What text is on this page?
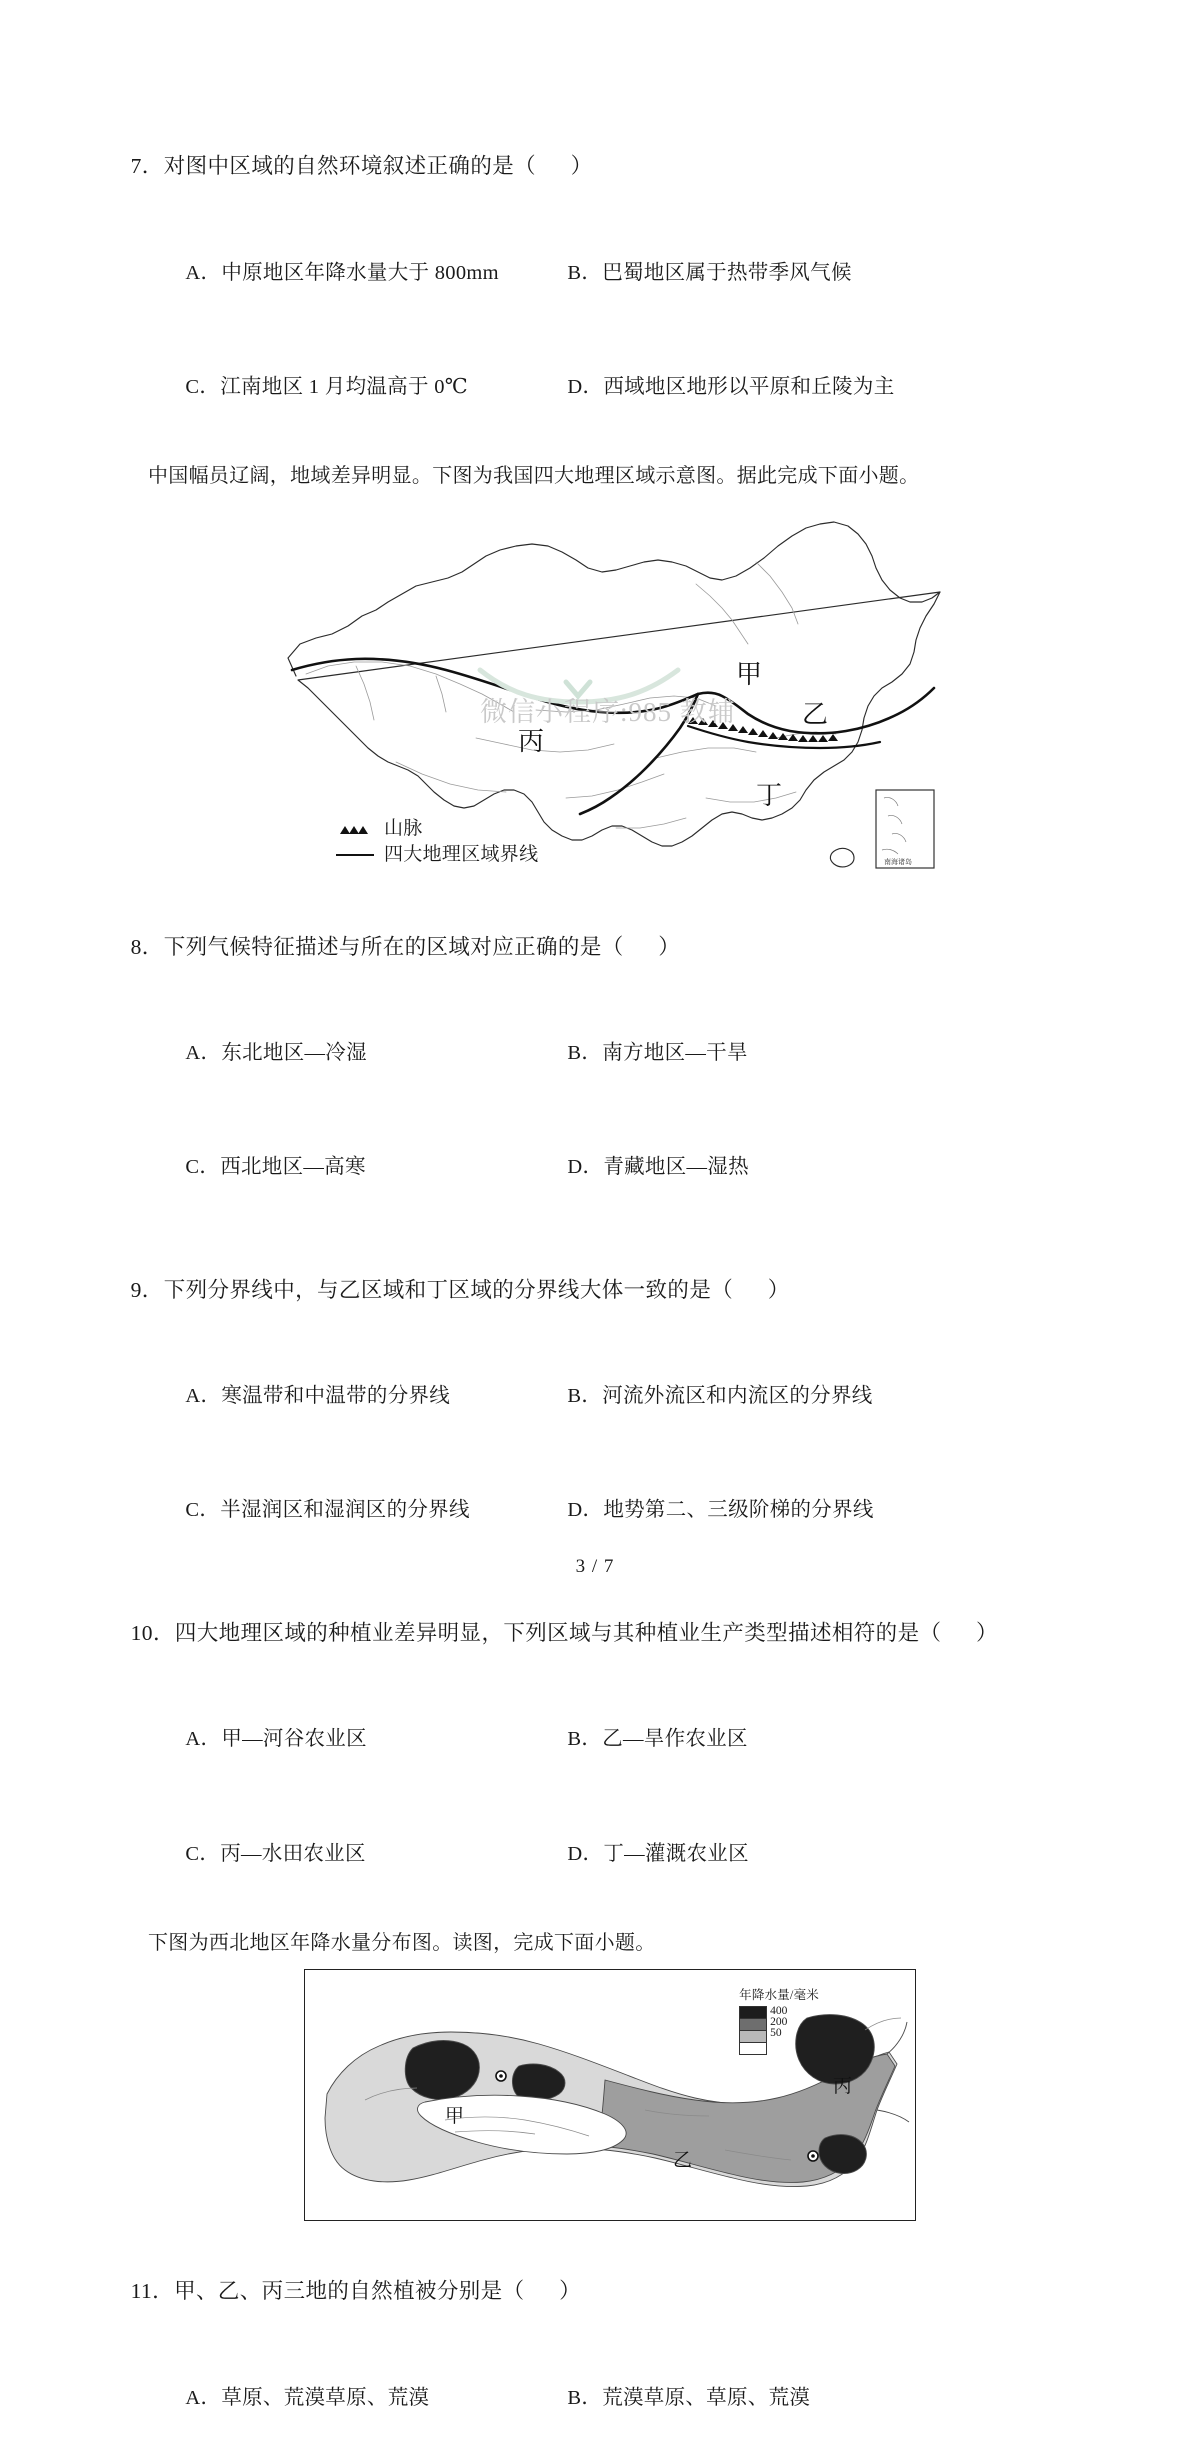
7．对图中区域的自然环境叙述正确的是（      ）

A．中原地区年降水量大于 800mm
	B．巴蜀地区属于热带季风气候

C．江南地区 1 月均温高于 0℃
	D．西域地区地形以平原和丘陵为主

中国幅员辽阔，地域差异明显。下图为我国四大地理区域示意图。据此完成下面小题。
甲
乙
丙
丁
南海诸岛
山脉
四大地理区域界线

8．下列气候特征描述与所在的区域对应正确的是（      ）

A．东北地区—冷湿
	B．南方地区—干旱

C．西北地区—高寒
	D．青藏地区—湿热

9．下列分界线中，与乙区域和丁区域的分界线大体一致的是（      ）

A．寒温带和中温带的分界线
	B．河流外流区和内流区的分界线

C．半湿润区和湿润区的分界线
	D．地势第二、三级阶梯的分界线

10．四大地理区域的种植业差异明显，下列区域与其种植业生产类型描述相符的是（      ）

A．甲—河谷农业区
	B．乙—旱作农业区

C．丙—水田农业区
	D．丁—灌溉农业区

下图为西北地区年降水量分布图。读图，完成下面小题。
甲
乙
丙
年降水量/毫米
400
200
50

11．甲、乙、丙三地的自然植被分别是（      ）

A．草原、荒漠草原、荒漠
	B．荒漠草原、草原、荒漠

微信小程序:985 教辅
3 / 7
